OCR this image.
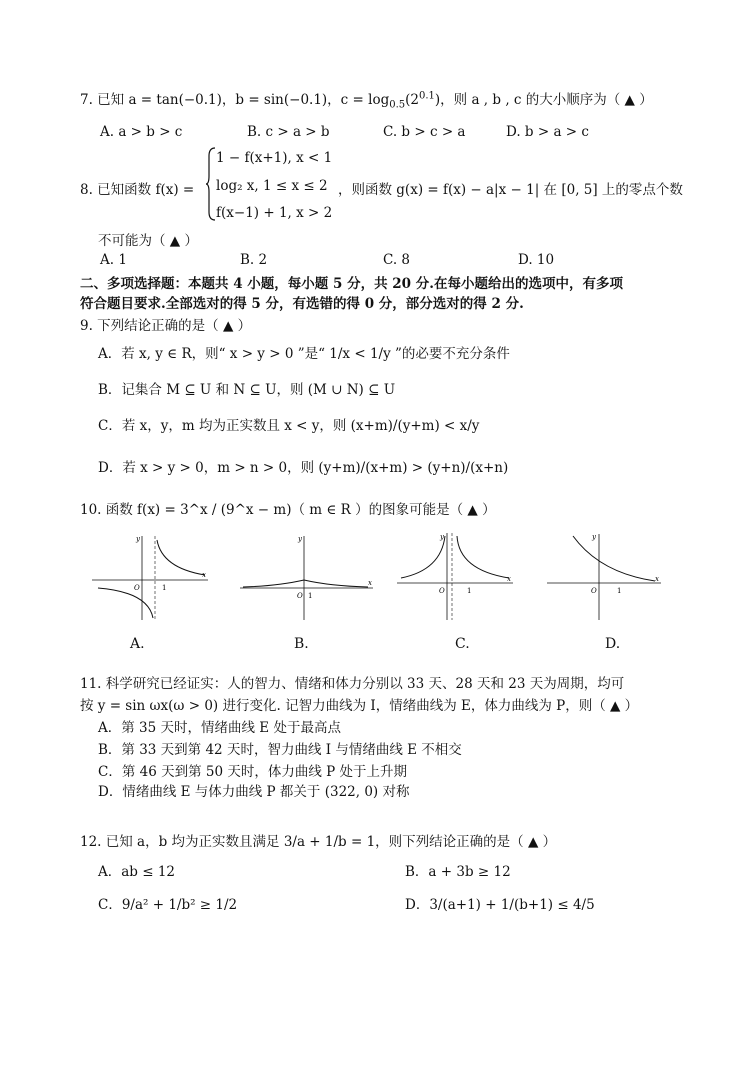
7. 已知 a = tan(−0.1)，b = sin(−0.1)，$c = \log_{0.5}(2^{0.1})$，则 a , b , c 的大小顺序为（ ▲ ）
A. a > b > c	B. c > a > b	C. b > c > a	D. b > a > c
8. 已知函数 f(x) =
1 − f(x+1), x < 1
log₂ x, 1 ≤ x ≤ 2
f(x−1) + 1, x > 2
，则函数 g(x) = f(x) − a|x − 1| 在 [0, 5] 上的零点个数
不可能为（ ▲ ）
A. 1	B. 2	C. 8	D. 10
二、多项选择题：本题共 4 小题，每小题 5 分，共 20 分.在每小题给出的选项中，有多项
符合题目要求.全部选对的得 5 分，有选错的得 0 分，部分选对的得 2 分.
9. 下列结论正确的是（ ▲ ）
A．若 x, y ∈ R，则“ x > y > 0 ”是“ 1/x < 1/y ”的必要不充分条件
B．记集合 M ⊆ U 和 N ⊆ U，则 (M ∪ N) ⊆ U
C．若 x，y，m 均为正实数且 x < y，则 (x+m)/(y+m) < x/y
D．若 x > y > 0，m > n > 0，则 (y+m)/(x+m) > (y+n)/(x+n)
10. 函数 f(x) = 3^x / (9^x − m)（ m ∈ R ）的图象可能是（ ▲ ）
y
x
O	1
y
x
O 1
y
x
O	1
y
x
O	1
A.	B.	C.	D.
11. 科学研究已经证实：人的智力、情绪和体力分别以 33 天、28 天和 23 天为周期，均可
按 y = sin ωx(ω > 0) 进行变化. 记智力曲线为 I，情绪曲线为 E，体力曲线为 P，则（ ▲ ）
A．第 35 天时，情绪曲线 E 处于最高点
B．第 33 天到第 42 天时，智力曲线 I 与情绪曲线 E 不相交
C．第 46 天到第 50 天时，体力曲线 P 处于上升期
D．情绪曲线 E 与体力曲线 P 都关于 (322, 0) 对称
12. 已知 a，b 均为正实数且满足 3/a + 1/b = 1，则下列结论正确的是（ ▲ ）
A．ab ≤ 12	B．a + 3b ≥ 12
C．9/a² + 1/b² ≥ 1/2	D．3/(a+1) + 1/(b+1) ≤ 4/5
